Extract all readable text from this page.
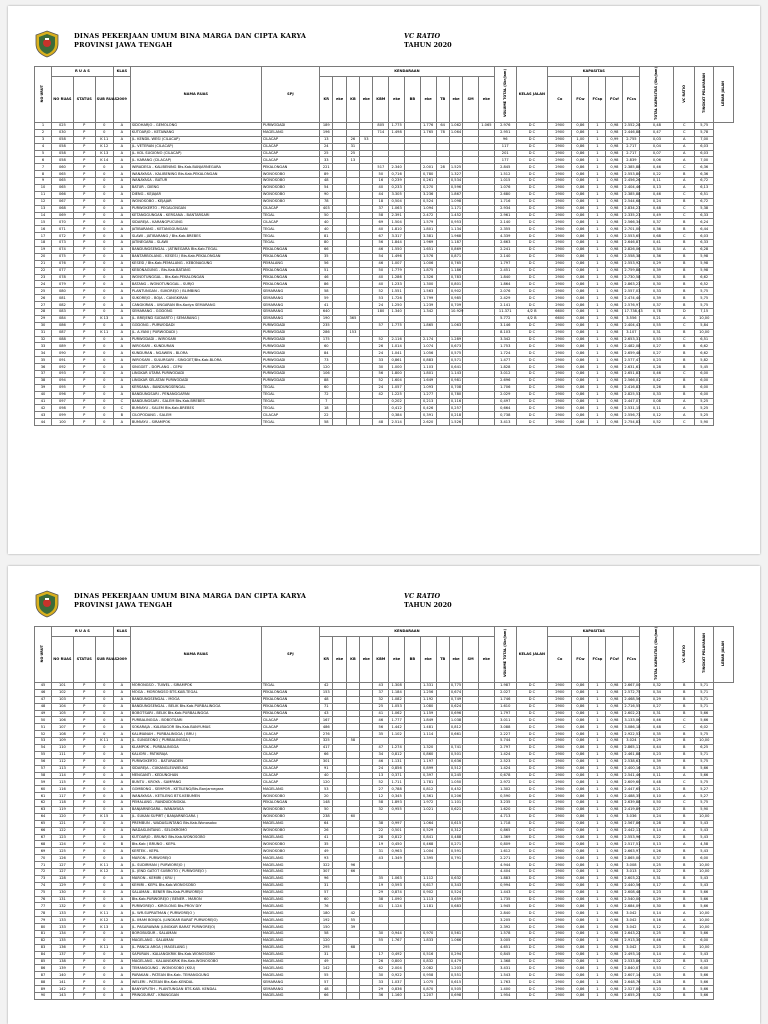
DINAS PEKERJAAN UMUM BINA MARGA DAN CIPTA KARYA
PROVINSI JAWA TENGAH
VC RATIO
TAHUN 2020
NO URUT	R U A S			KLAS	NAMA RUAS	SPJ	KENDARAAN												VOLUME TOTAL (Skr/jam)	KELAS JALAN	KAPASITAS					TOTAL KAPASITAS (Skr/jam)	VC RATIO	TINGKAT PELAYANAN	LEBAR JALAN
	NO RUAS	STATUS	SUB RUAS	2009			KR	eke	KB	eke	KBM	eke	BB	eke	TB	eke	SM	eke			Co	FCw	FCsp	FCsf	FCcs				

1	025	P	0	A	SIDOHARJO - GEMOLONG	PURWODADI	189				805	1.775		1.776	64	1.062		1.065	2.976	D C	2900	0,86	1	0,98	2.552,28	0,48	C	5,75	
2	030	P	0	A	KUTOARJO - KETAWANG	MAGELANG	196				714	1.498		1.765	78	1.064			2.951	D C	2900	0,86	1	0,98	2.446,88	0,47	C	5,78	
3	058	P	K 11	A	JL. KENDIL WESI (CILACAP)	CILACAP	13		26	53									96	D C	2900	1,00	1	0,99	2.755	0,03	A	7,00	
4	058	P	K 12	A	JL. VETERAN (CILACAP)	CILACAP	24		31										117	D C	2900	0,86	1	0,98	2.717	0,04	A	6,03	
5	058	P	K 13	A	JL. KOL SUGIONO (CILACAP)	CILACAP	25		25										201	D C	2900	0,86	1	0,98	2.717	0,07	A	6,03	
6	058	P	K 14	A	JL. KARANG (CILACAP)	CILACAP	33		13										177	D C	2900	0,86	1	0,98	2.839	0,06	A	7,00	
7	060	P	0	A	WIRADESA - KALIBENING Bts.Kab.BANJARNEGARA	PEKALONGAN	221				517	2.340		2.001	28	1.525			2.845	D C	2900	0,86	1	0,98	2.385,88	0,46	C	6,36	
8	065	P	0	A	WANAYASA - KALIBENING Bts.Kab.PEKALONGAN	WONOSOBO	89				50	0,716		0,780		1.327			1.512	D C	2900	0,86	1	0,98	2.553,80	0,22	B	6,36	
9	065	P	0	A	WANAYASA - BATUR	WONOSOBO	48				16	0,239		0,261		0,534			1.015	D C	2900	0,86	1	0,98	2.456,26	0,11	A	6,72	
10	065	P	0	A	BATUR - DIENG	WONOSOBO	54				40	0,233		0,270		0,596			1.076	D C	2900	0,86	1	0,98	2.404,46	0,13	A	6,13	
11	066	P	0	A	DIENG - KEJAJAR	WONOSOBO	90				44	3.305		3.236		1.867			2.680	D C	2900	0,86	1	0,98	2.385,88	0,46	C	6,51	
12	067	P	0	A	WONOSOBO - KEJAJAR	WONOSOBO	78				18	0,504		0,524		1.098			1.716	D C	2900	0,86	1	0,98	2.544,68	0,24	B	6,72	
13	068	P	0	A	PURWOKERTO - PEGALONGAN	CILACAP	403				37	1.063		1.094		1.171			2.934	D C	2900	0,86	1	0,98	2.834,23	0,48	C	5,38	
14	069	P	0	A	KETANGGUNGAN - KERSANA - BANTARSARI	TEGAL	50				58	2.391		2.472		1.452			2.961	D C	2900	0,86	1	0,98	2.335,23	0,49	C	6,33	
15	070	P	0	A	SIDAREJA - KARANGPUCUNG	CILACAP	40				69	1.504		1.579		0,953			2.140	D C	2900	0,86	1	0,98	2.566,34	0,37	B	6,24	
16	071	P	0	A	JATIBARANG - KETANGGUNGAN	TEGAL	40				40	1.810		1.801		1.134			2.355	D C	2900	0,86	1	0,98	2.701,00	0,36	B	6,44	
17	072	P	0	A	SLAWI - JATIBARANG / Bts.Kab.BREBES	TEGAL	81				67	3.317		3.381		1.968			4.339	D C	2900	0,86	1	0,98	2.553,65	0,68	C	6,03	
18	073	P	0	A	JATINEGARA - SLAWI	TEGAL	80				56	1.844		1.969		1.187			2.663	D C	2900	0,86	1	0,98	2.646,87	0,41	B	6,33	
19	074	P	0	A	BANDUNGSENGAL - JATINEGARA Bts.Kab.TEGAL	PEKALONGAN	66				46	1.550		1.651		0,869			2.241	D C	2900	0,86	1	0,98	2.826,06	0,34	A	6,28	
20	075	P	0	A	BANTARBOLANG - KESESI / Bts.Kab.PEKALONGAN	PEKALONGAN	35				54	1.496		1.576		0,871			2.140	D C	2900	0,86	1	0,98	2.558,38	0,36	B	5,98	
21	076	P	0	A	KESESI / Bts.Kab.PEMALANG - KEBONAGUNG	PEMALANG	56				46	1.007		1.006		0,765			1.797	D C	2900	0,86	1	0,98	2.553,92	0,29	B	5,98	
22	077	P	0	A	KEBONAGUNG - Bts.Kab.BATANG	PEKALONGAN	51				50	1.779		1.875		1.186			2.451	D C	2900	0,86	1	0,98	2.759,88	0,39	B	5,98	
23	078	P	0	A	WONOTUNGGAL - Bts.Kab.PEKALONGAN	PEKALONGAN	46				40	1.286		1.326		0,783			1.840	D C	2900	0,86	1	0,98	2.730,58	0,30	B	6,62	
24	079	P	0	A	BATANG - WONOTUNGGAL - SURJO	PEKALONGAN	86				40	1.233		1.300		0,801			1.864	D C	2900	0,86	1	0,98	2.863,23	0,30	B	6,52	
25	080	P	0	A	PLANTUNGAN - SUKOREJO / BLIMBING	SEMARANG	58				52	1.551		1.563		0,902			2.076	D C	2900	0,86	1	0,98	2.557,03	0,33	B	5,75	
26	081	P	0	A	SUKOREJO - BOJA - CANGKIRAN	SEMARANG	59				53	1.726		1.799		0,985			2.429	D C	2900	0,86	1	0,98	2.474,40	0,39	B	5,75	
27	082	P	0	A	CANGKIRAN - UNGARAN Bts.Kodya SEMARANG	SEMARANG	41				24	1.250		1.239		0,709			2.141	D C	2900	0,86	1	0,98	2.576,97	0,37	B	5,75	
28	083	P	0	A	SEMARANG - GODONG	SEMARANG	640				180	1.340		1.342		10.929			11.371	4/2 B	6600	0,86	1	0,98	17.738,43	0,78	D	7,15	
29	084	P	K 13	A	JL. BREJEND SUDIARTO ( SEMARANG )	SEMARANG	190		365										5.772	4/2 B	6600	0,86	1	0,98	3.556	0,21	A	10,00	
30	086	P	0	A	GODONG - PURWODADI	PURWODADI	235				57	1.775		1.865		1.063			3.146	D C	2900	0,86	1	0,98	2.404,43	0,55	C	5,84	
31	087	P	K 11	A	JL. A.YANI ( PURWODADI )	PURWODADI	286		153										8.103	D C	2900	0,86	1	0,98	3.107	0,31	B	10,00	
32	088	P	0	A	PURWODADI - WIROSARI	PURWODADI	175				52	2.116		2.174		1.289			3.342	D C	2900	0,86	1	0,98	2.653,31	0,53	C	6,51	
33	089	P	0	A	WIROSARI - KUNDURAN	PURWODADI	60				26	1.014		1.074		0,673			1.753	D C	2900	0,86	1	0,98	2.482,08	0,27	B	6,62	
34	090	P	0	A	KUNDURAN - NGAWEN - BLORA	PURWODADI	84				24	1.041		1.056		0,575			1.724	D C	2900	0,86	1	0,98	2.659,48	0,27	B	6,62	
35	091	P	0	A	WIROSARI - SULURSARI - SINGGET/Bts.Kab.BLORA	PURWODADI	73				33	0,861		0,883		0,571			1.477	D C	2900	0,86	1	0,98	2.577,47	0,23	B	5,82	
36	092	P	0	A	SINGGET - DOPLANG - CEPU	PURWODADI	120				30	1.000		1.103		0,641			1.828	D C	2900	0,86	1	0,98	2.631,61	0,28	B	5,45	
37	093	P	0	A	LINGKAR UTARA PURWODADI	PURWODADI	106				56	1.800		1.801		1.143			3.012	D C	2900	0,86	1	0,98	2.651,83	0,46	C	6,00	
38	094	P	0	A	LINGKAR SELATAN PURWODADI	PURWODADI	88				52	1.604		1.649		0,981			2.696	D C	2900	0,86	1	0,98	2.566,01	0,42	B	6,00	
39	095	P	0	A	KERSANA - BANDUNGSENGAL	TEGAL	60				24	1.057		1.093		0,708			1.706	D C	2900	0,86	1	0,98	2.416,83	0,26	B	6,00	
40	096	P	0	A	BANDUNGSARI - PENANGGAPAN	TEGAL	72				42	1.225		1.277		0,780			2.029	D C	2900	0,86	1	0,98	2.825,53	0,33	B	6,00	
41	097	P	0	C	BANDUNGSARI - SALEM Bts.Kab.BREBES	TEGAL	7					0,202		0,213		0,116			0,497	D C	2900	0,86	1	0,98	2.447,07	0,08	A	5,25	
42	098	P	0	C	BUMIAYU - SALEM Bts.Kab.BREBES	TEGAL	18					0,412		0,426		0,257			0,664	D C	2900	0,86	1	0,98	2.531,15	0,11	A	5,25	
43	099	P	0	B	CILOPODANG - SALEM	CILACAP	22					0,384		0,391		0,218			0,738	D C	2900	0,86	1	0,98	2.556,73	0,12	A	5,25	
44	100	P	0	A	BUMIAYU - SIRAMPOK	TEGAL	58				48	2.514		2.620		1.526			3.413	D C	2900	0,86	1	0,98	2.754,83	0,52	C	5,90	
DINAS PEKERJAAN UMUM BINA MARGA DAN CIPTA KARYA
PROVINSI JAWA TENGAH
VC RATIO
TAHUN 2020
NO URUT	R U A S			KLAS	NAMA RUAS	SPJ	KENDARAAN												VOLUME TOTAL (Skr/jam)	KELAS JALAN	KAPASITAS					TOTAL KAPASITAS (Skr/jam)	VC RATIO	TINGKAT PELAYANAN	LEBAR JALAN
	NO RUAS	STATUS	SUB RUAS	2009			KR	eke	KB	eke	KBM	eke	BB	eke	TB	eke	SM	eke			Co	FCw	FCsp	FCsf	FCcs				

45	101	P	0	A	MORONGSO - TUWEL - SIRAMPOK	TEGAL	42				43	1.308		1.331		0,775			1.987	D C	2900	0,86	1	0,98	2.667,00	0,32	B	5,71	
46	102	P	0	A	MOGA - MORONGSO BTS.KAB.TEGAL	PEKALONGAN	153				37	1.184		1.256		0,674			2.027	D C	2900	0,86	1	0,98	2.572,75	0,34	B	5,71	
47	103	P	0	A	BANDUNGSENGAL - MOGA	PEKALONGAN	48				32	1.082		1.192		0,749			1.746	D C	2900	0,86	1	0,98	2.468,56	0,29	B	5,71	
48	104	P	0	A	BANDUNGSENGAL - BELIK Bts.Kab.PURBALINGGA	PEKALONGAN	71				25	1.053		1.080		0,624			1.610	D C	2900	0,86	1	0,98	2.716,55	0,27	B	5,71	
49	105	P	0	A	BOBOTSARI - BELIK Bts.Kab.PURBALINGGA	PEKALONGAN	43				41	1.062		1.159		0,696			1.797	D C	2900	0,86	1	0,98	2.602,23	0,31	B	5,66	
50	106	P	0	A	PURBALINGGA - BOBOTSARI	CILACAP	167				46	1.777		1.849		1.038			3.011	D C	2900	0,86	1	0,98	3.133,06	0,46	C	5,66	
51	107	P	0	A	SOKARAJA - KALIBAGOR Bts.Kab.BANYUMAS	CILACAP	486				56	1.442		1.481		0,812			3.088	D C	2900	0,86	1	0,98	3.086,18	0,48	C	6,02	
52	108	P	0	A	KALIMANAH - PURBALINGGA ( BRU )	CILACAP	276				35	1.102		1.114		0,661			2.227	D C	2900	0,86	1	0,98	2.922,53	0,35	B	5,75	
53	109	P	K 11	A	JL. SUNGEONO ( PURBALINGGA )	CILACAP	325		58										5.744	D C	2900	0,86	1	0,98	3.024	0,29	B	10,00	
54	110	P	0	A	KLAMPOK - PURBALINGGA	CILACAP	417				47	1.274		1.320		0,741			2.797	D C	2900	0,86	1	0,98	2.865,11	0,44	B	6,25	
55	111	P	0	A	KALIORI - PATIKRAJA	CILACAP	66				34	0,812		0,860		0,501			1.424	D C	2900	0,86	1	0,98	2.461,88	0,23	B	5,71	
56	112	P	0	A	PURWOKERTO - BATURADEN	CILACAP	301				46	1.131		1.197		0,636			2.523	D C	2900	0,86	1	0,98	2.538,63	0,39	B	5,75	
57	113	P	0	A	SIDAREJA - CUKANGLEUWEUNG	CILACAP	91				24	0,856		0,899		0,512			1.424	D C	2900	0,86	1	0,98	2.400,16	0,25	B	5,66	
58	114	P	0	A	MENGANTI - KEDUNGHAN	CILACAP	40				13	0,371		0,397		0,245			0,678	D C	2900	0,86	1	0,98	2.541,46	0,11	A	5,66	
59	115	P	0	A	BUNTU - KROYA - SAMPANG	CILACAP	120				52	1.711		1.781		1.050			2.972	D C	2900	0,86	1	0,98	2.609,60	0,48	C	5,75	
60	116	P	0	A	GOMBONG - SEMPOR - KETILENG/Bts.Banjarnegara	MAGELANG	53				27	0,788		0,812		0,452			1.302	D C	2900	0,86	1	0,98	2.447,65	0,21	B	5,27	
61	117	P	0	A	WANAYASA - KETILENG BTS.KEBUMEN	WONOSOBO	20				12	0,345		0,361		0,206			0,590	D C	2900	0,86	1	0,98	2.488,35	0,10	A	5,27	
62	118	P	0	A	PEMALANG - RANDUDONGKAL	PEKALONGAN	148				58	1.893		1.972		1.101			3.235	D C	2900	0,86	1	0,98	2.639,88	0,50	C	5,75	
63	119	P	0	A	BANJARNEGARA - WANAYASA	WONOSOBO	50				32	0,955		1.021		0,621			1.620	D C	2900	0,86	1	0,98	2.419,89	0,27	B	5,90	
64	120	P	K 15	A	JL. SUKAN SUPIRT ( BANJARNEGARA )	WONOSOBO	238		60										4.713	D C	2900	0,86	1	0,98	3.036	0,24	B	10,00	
65	121	P	0	A	PREMBUN - WADASLINTANG Bts.Kab.Wonosobo	MAGELANG	64				38	0,997		1.064		0,615			1.718	D C	2900	0,86	1	0,98	2.567,86	0,28	B	5,43	
66	122	P	0	A	WADASLINTANG - SELOKROMO	WONOSOBO	26				22	0,501		0,529		0,312			0,865	D C	2900	0,86	1	0,98	2.442,13	0,14	A	5,43	
67	123	P	0	A	KUTOARJO - BRUNO Bts.Kab.WONOSOBO	MAGELANG	41				28	0,812		0,841		0,488			1.369	D C	2900	0,86	1	0,98	2.553,96	0,22	B	5,43	
68	124	P	0	B	Bts.Kab ( BRUNO - KEPIL	WONOSOBO	35				19	0,450		0,468		0,271			0,809	D C	2900	0,86	1	0,98	2.517,51	0,13	A	4,58	
69	125	P	0	A	KERTEK - KEPIL	WONOSOBO	49				31	0,963		1.004		0,591			1.612	D C	2900	0,86	1	0,98	2.663,97	0,26	B	5,43	
70	126	P	0	A	MARON - PURWOREJO	MAGELANG	93				43	1.349		1.395		0,791			2.271	D C	2900	0,86	1	0,98	2.865,00	0,37	B	6,00	
71	127	P	K 11	A	JL. SUDIRMAN ( PURWOREJO )	MAGELANG	322		96										4.944	D C	2900	0,86	1	0,98	3.008	0,25	B	10,00	
72	127	P	K 12	A	JL. JEND GATOT SUBROTO ( PURWOREJO )	MAGELANG	307		66										4.404	D C	2900	0,86	1	0,98	3.013	0,22	B	10,00	
73	128	P	0	A	MARON - KEMIRI ( KRU )	MAGELANG	96				35	1.063		1.112		0,632			1.883	D C	2900	0,86	1	0,98	2.603,22	0,31	B	5,43	
74	129	P	0	A	KEMIRI - KEPIL Bts.Kab.WONOSOBO	MAGELANG	31				19	0,593		0,617		0,343			0,994	D C	2900	0,86	1	0,98	2.440,56	0,17	A	5,43	
75	130	P	0	A	SALAMAN - BENER Bts.Kab.PURWOREJO	MAGELANG	57				29	0,874		0,902		0,524			1.443	D C	2900	0,86	1	0,98	2.608,48	0,23	B	5,66	
76	131	P	0	A	Bts.Kab.PURWOREJO / BENER - MARON	MAGELANG	60				38	1.090		1.113		0,659			1.735	D C	2900	0,86	1	0,98	2.540,00	0,29	B	5,66	
77	132	P	0	A	PURWOREJO - KIROLONG Bts.PROV DIY	MAGELANG	76				41	1.124		1.181		0,683			1.945	D C	2900	0,86	1	0,98	2.684,09	0,30	B	5,66	
78	133	P	K 11	A	JL. WR.SUPRATMAN ( PURWOREJO )	MAGELANG	180		42										2.840	D C	2900	0,86	1	0,98	3.042	0,14	A	10,00	
79	133	P	K 12	A	JL. IMAM BONJOL (LINGKAR BARAT PURWOREJO)	MAGELANG	192		55										3.205	D C	2900	0,86	1	0,98	3.042	0,16	A	10,00	
80	133	P	K 13	A	JL. PASARAWAN (LINGKAR BARAT PURWOREJO)	MAGELANG	150		39										2.392	D C	2900	0,86	1	0,98	3.042	0,12	A	10,00	
81	134	P	0	A	BOROBUDUR - SALAMAN	MAGELANG	58				30	0,944		0,970		0,561			1.578	D C	2900	0,86	1	0,98	2.643,22	0,25	B	5,66	
82	135	P	0	A	MAGELANG - SALAMAN	MAGELANG	120				55	1.767		1.833		1.066			3.005	D C	2900	0,86	1	0,98	2.913,30	0,46	C	6,00	
83	136	P	K 11	A	JL. PANCA ARGA ( MAGELANG )	MAGELANG	295		68										4.651	D C	2900	0,86	1	0,98	3.042	0,23	B	10,00	
84	137	P	0	A	SAPURAN - KALIANGKRIK Bts.Kab.WONOSOBO	MAGELANG	31				17	0,492		0,516		0,294			0,845	D C	2900	0,86	1	0,98	2.493,10	0,14	A	5,43	
85	138	P	0	A	MAGELANG - KALIANGKRIK Bts.Kab.WONOSOBO	MAGELANG	49				26	0,800		0,832		0,479			1.368	D C	2900	0,86	1	0,98	2.533,86	0,22	B	5,43	
86	139	P	0	A	TEMANGGUNG - WONOSOBO (KSU)	MAGELANG	142				62	2.004		2.082		1.203			3.431	D C	2900	0,86	1	0,98	2.840,07	0,53	C	6,00	
87	140	P	0	A	PARAKAN - PATEAN Bts.Kab. TEMANGGUNG	MAGELANG	55				30	0,922		0,958		0,551			1.543	D C	2900	0,86	1	0,98	2.607,14	0,25	B	5,66	
88	141	P	0	A	WELERI - PATEAN Bts.Kab.KENDAL	SEMARANG	57				33	1.037		1.075		0,615			1.763	D C	2900	0,86	1	0,98	2.648,76	0,28	B	5,66	
89	142	P	0	A	BANYUPUTIH - PLANTUNGAN BTS.KAB. KENDAL	SEMARANG	48				29	0,836		0,870		0,505			1.400	D C	2900	0,86	1	0,98	2.527,00	0,23	B	5,66	
90	143	P	0	A	PRINGSURAT - KRANGGAN	MAGELANG	66				36	1.160		1.207		0,698			1.954	D C	2900	0,86	1	0,98	2.655,25	0,32	B	5,66	
